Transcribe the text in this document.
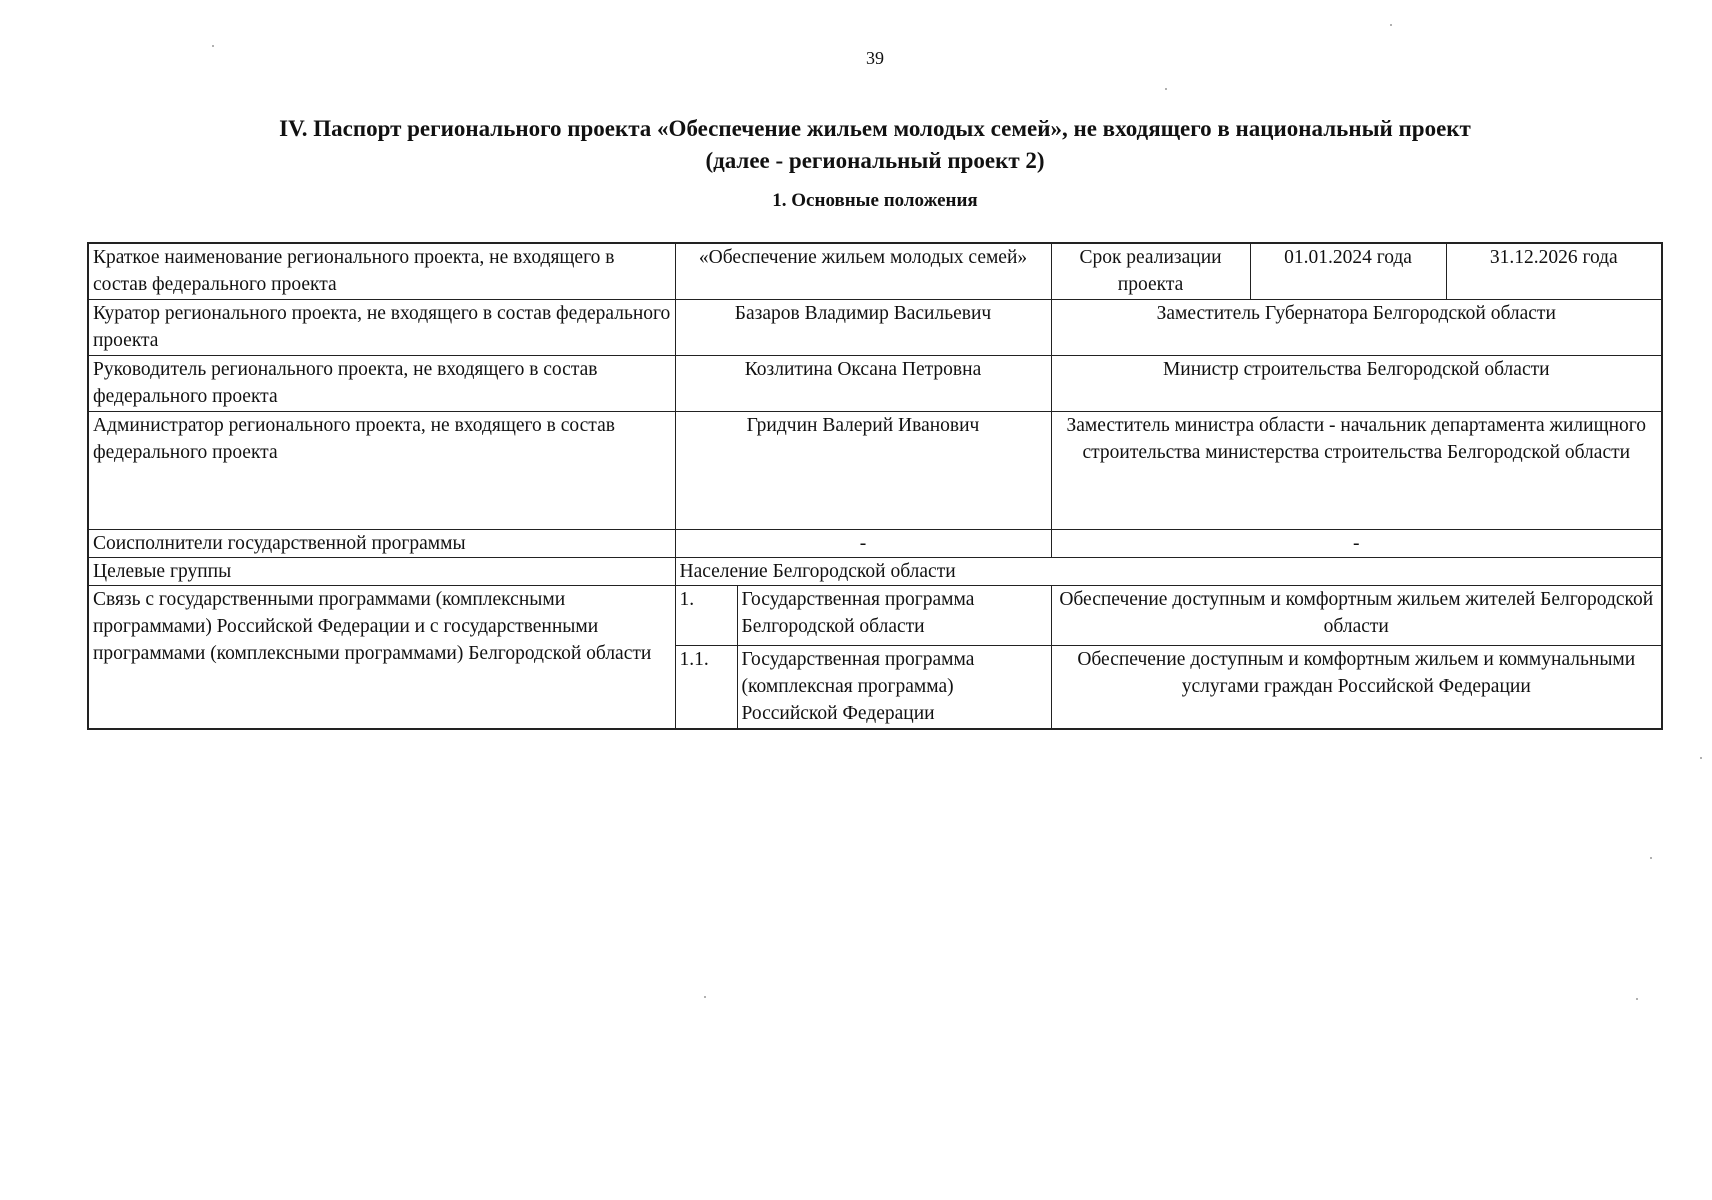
39
IV. Паспорт регионального проекта «Обеспечение жильем молодых семей», не входящего в национальный проект
(далее - региональный проект 2)
1. Основные положения
Краткое наименование регионального проекта, не входящего в состав федерального проекта	«Обеспечение жильем молодых семей»		Срок реализации проекта	01.01.2024 года	31.12.2026 года
Куратор регионального проекта, не входящего в состав федерального проекта	Базаров Владимир Васильевич		Заместитель Губернатора Белгородской области		
Руководитель регионального проекта, не входящего в состав федерального проекта	Козлитина Оксана Петровна		Министр строительства Белгородской области		
Администратор регионального проекта, не входящего в состав федерального проекта	Гридчин Валерий Иванович		Заместитель министра области - начальник департамента жилищного строительства министерства строительства Белгородской области		
Соисполнители государственной программы	-		-		
Целевые группы	Население Белгородской области				
Связь с государственными программами (комплексными программами) Российской Федерации и с государственными программами (комплексными программами) Белгородской области	1.	Государственная программа Белгородской области	Обеспечение доступным и комфортным жильем жителей Белгородской области		
	1.1.	Государственная программа (комплексная программа) Российской Федерации	Обеспечение доступным и комфортным жильем и коммунальными услугами граждан Российской Федерации		
